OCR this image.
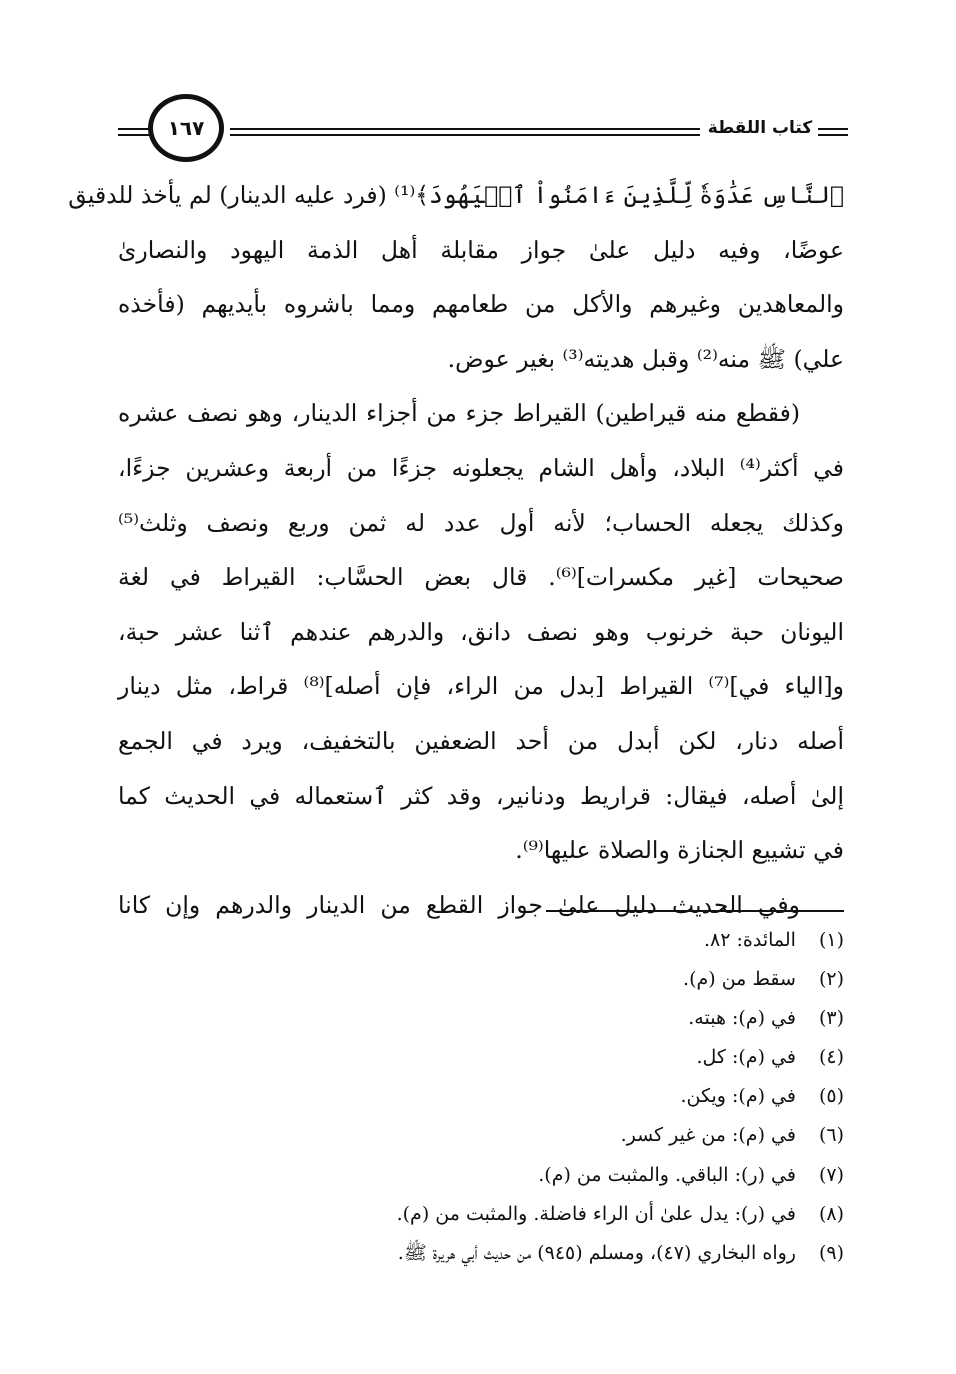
١٦٧	كتاب اللقطة
ﭐلنَّاسِ عَدَٰوَةٗ لِّلَّذِينَ ءَامَنُواْ ٱلۡيَهُودَ﴾⁽¹⁾ (فرد عليه الدينار) لم يأخذ للدقيق
عوضًا، وفيه دليل علىٰ جواز مقابلة أهل الذمة اليهود والنصارىٰ
والمعاهدين وغيرهم والأكل من طعامهم ومما باشروه بأيديهم (فأخذه
علي) ﷺ منه⁽²⁾ وقبل هديته⁽³⁾ بغير عوض.
(فقطع منه قيراطين) القيراط جزء من أجزاء الدينار، وهو نصف عشره
في أكثر⁽⁴⁾ البلاد، وأهل الشام يجعلونه جزءًا من أربعة وعشرين جزءًا،
وكذلك يجعله الحساب؛ لأنه أول عدد له ثمن وربع ونصف وثلث⁽⁵⁾
صحيحات [غير مكسرات]⁽⁶⁾. قال بعض الحسَّاب: القيراط في لغة
اليونان حبة خرنوب وهو نصف دانق، والدرهم عندهم ٱثنا عشر حبة،
و[الياء في]⁽⁷⁾ القيراط [بدل من الراء، فإن أصله]⁽⁸⁾ قراط، مثل دينار
أصله دنار، لكن أبدل من أحد الضعفين بالتخفيف، ويرد في الجمع
إلىٰ أصله، فيقال: قراريط ودنانير، وقد كثر ٱستعماله في الحديث كما
في تشييع الجنازة والصلاة عليها⁽⁹⁾.
وفي الحديث دليل علىٰ جواز القطع من الدينار والدرهم وإن كانا
(١) المائدة: ٨٢.
(٢) سقط من (م).
(٣) في (م): هبته.
(٤) في (م): كل.
(٥) في (م): ويكن.
(٦) في (م): من غير كسر.
(٧) في (ر): الباقي. والمثبت من (م).
(٨) في (ر): يدل علىٰ أن الراء فاضلة. والمثبت من (م).
(٩) رواه البخاري (٤٧)، ومسلم (٩٤٥) من حديث أبي هريرة ﷺ.
